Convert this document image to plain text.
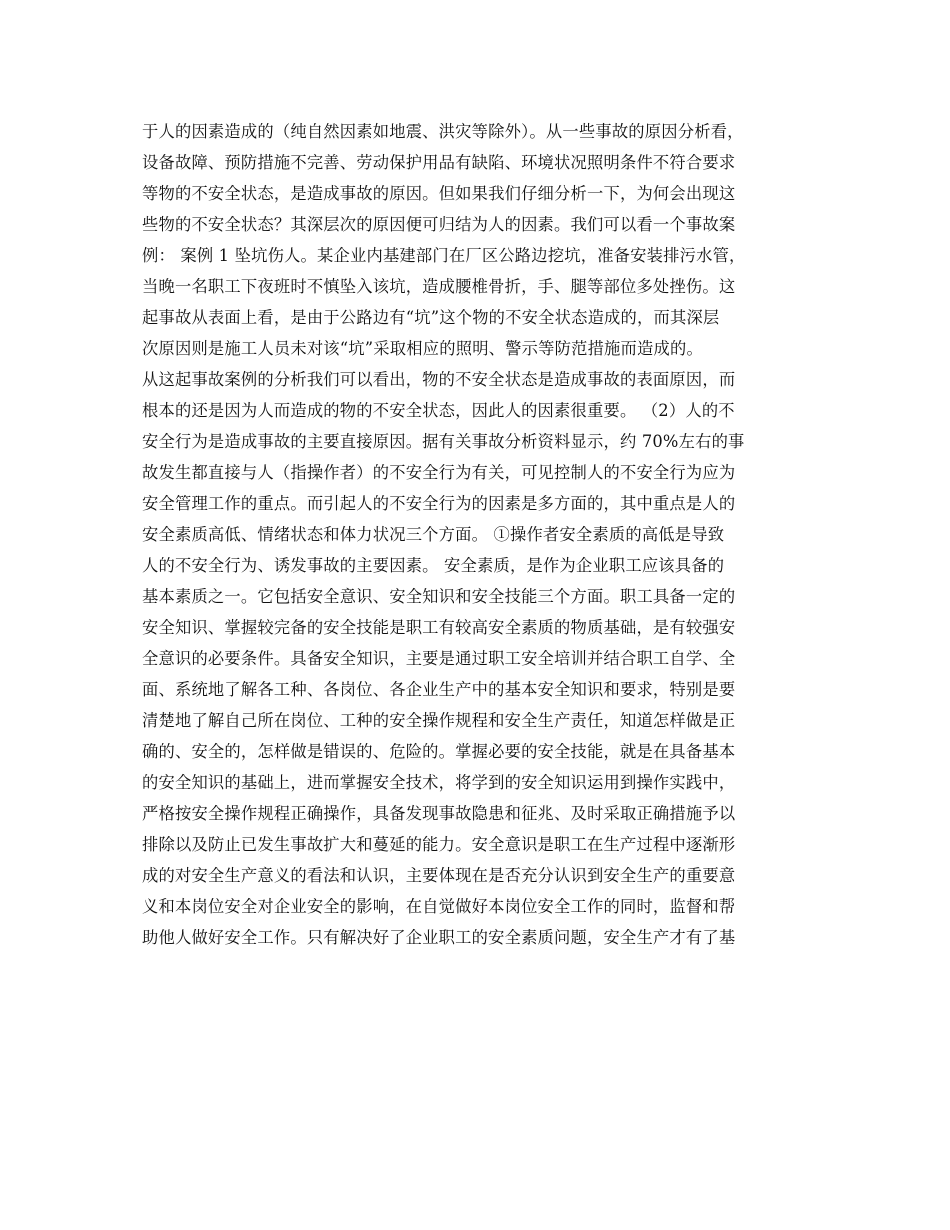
于人的因素造成的（纯自然因素如地震、洪灾等除外）。从一些事故的原因分析看，
设备故障、预防措施不完善、劳动保护用品有缺陷、环境状况照明条件不符合要求
等物的不安全状态，是造成事故的原因。但如果我们仔细分析一下，为何会出现这
些物的不安全状态？其深层次的原因便可归结为人的因素。我们可以看一个事故案
例： 案例 1 坠坑伤人。某企业内基建部门在厂区公路边挖坑，准备安装排污水管，
当晚一名职工下夜班时不慎坠入该坑，造成腰椎骨折，手、腿等部位多处挫伤。这
起事故从表面上看，是由于公路边有“坑”这个物的不安全状态造成的，而其深层
次原因则是施工人员未对该“坑”采取相应的照明、警示等防范措施而造成的。
从这起事故案例的分析我们可以看出，物的不安全状态是造成事故的表面原因，而
根本的还是因为人而造成的物的不安全状态，因此人的因素很重要。 （2）人的不
安全行为是造成事故的主要直接原因。据有关事故分析资料显示，约 70%左右的事
故发生都直接与人（指操作者）的不安全行为有关，可见控制人的不安全行为应为
安全管理工作的重点。而引起人的不安全行为的因素是多方面的，其中重点是人的
安全素质高低、情绪状态和体力状况三个方面。 ①操作者安全素质的高低是导致
人的不安全行为、诱发事故的主要因素。 安全素质，是作为企业职工应该具备的
基本素质之一。它包括安全意识、安全知识和安全技能三个方面。职工具备一定的
安全知识、掌握较完备的安全技能是职工有较高安全素质的物质基础，是有较强安
全意识的必要条件。具备安全知识，主要是通过职工安全培训并结合职工自学、全
面、系统地了解各工种、各岗位、各企业生产中的基本安全知识和要求，特别是要
清楚地了解自己所在岗位、工种的安全操作规程和安全生产责任，知道怎样做是正
确的、安全的，怎样做是错误的、危险的。掌握必要的安全技能，就是在具备基本
的安全知识的基础上，进而掌握安全技术，将学到的安全知识运用到操作实践中，
严格按安全操作规程正确操作，具备发现事故隐患和征兆、及时采取正确措施予以
排除以及防止已发生事故扩大和蔓延的能力。安全意识是职工在生产过程中逐渐形
成的对安全生产意义的看法和认识，主要体现在是否充分认识到安全生产的重要意
义和本岗位安全对企业安全的影响，在自觉做好本岗位安全工作的同时，监督和帮
助他人做好安全工作。只有解决好了企业职工的安全素质问题，安全生产才有了基
